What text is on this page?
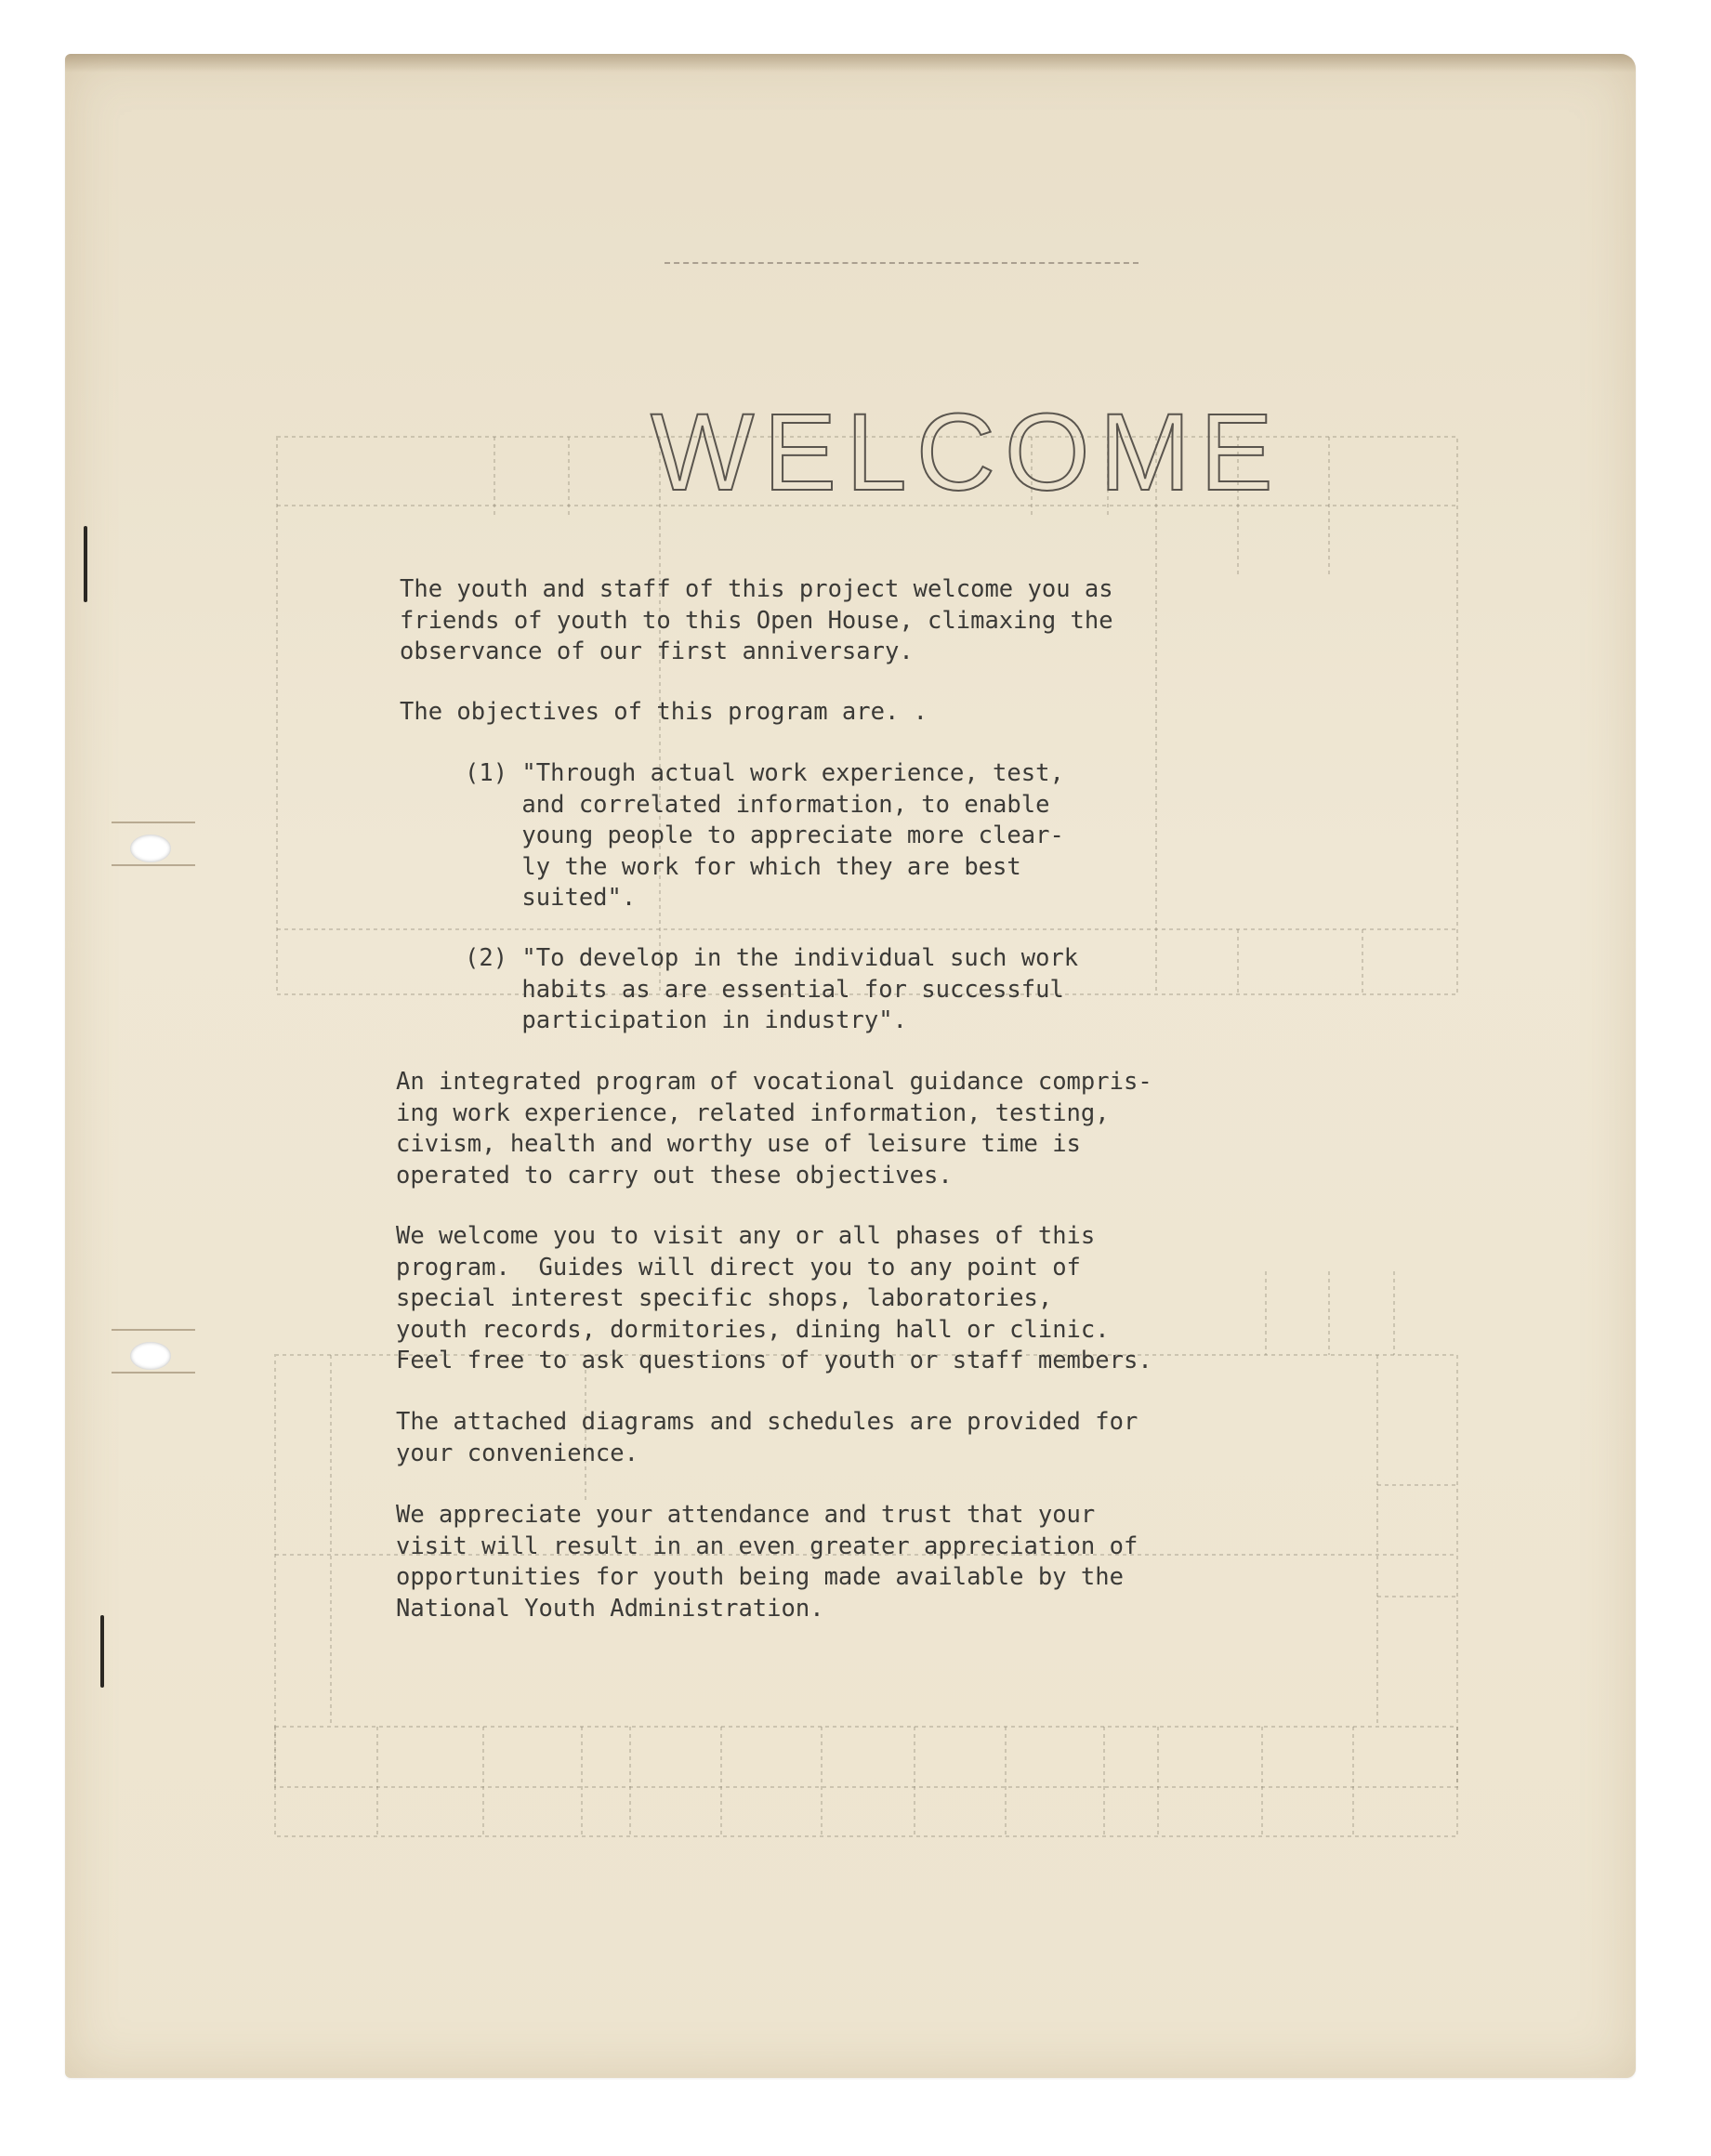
WELCOME
The youth and staff of this project welcome you as
friends of youth to this Open House, climaxing the
observance of our first anniversary.
The objectives of this program are. .
(1) "Through actual work experience, test,
and correlated information, to enable
young people to appreciate more clear-
ly the work for which they are best
suited".
(2) "To develop in the individual such work
habits as are essential for successful
participation in industry".
An integrated program of vocational guidance compris-
ing work experience, related information, testing,
civism, health and worthy use of leisure time is
operated to carry out these objectives.
We welcome you to visit any or all phases of this
program.  Guides will direct you to any point of
special interest specific shops, laboratories,
youth records, dormitories, dining hall or clinic.
Feel free to ask questions of youth or staff members.
The attached diagrams and schedules are provided for
your convenience.
We appreciate your attendance and trust that your
visit will result in an even greater appreciation of
opportunities for youth being made available by the
National Youth Administration.
